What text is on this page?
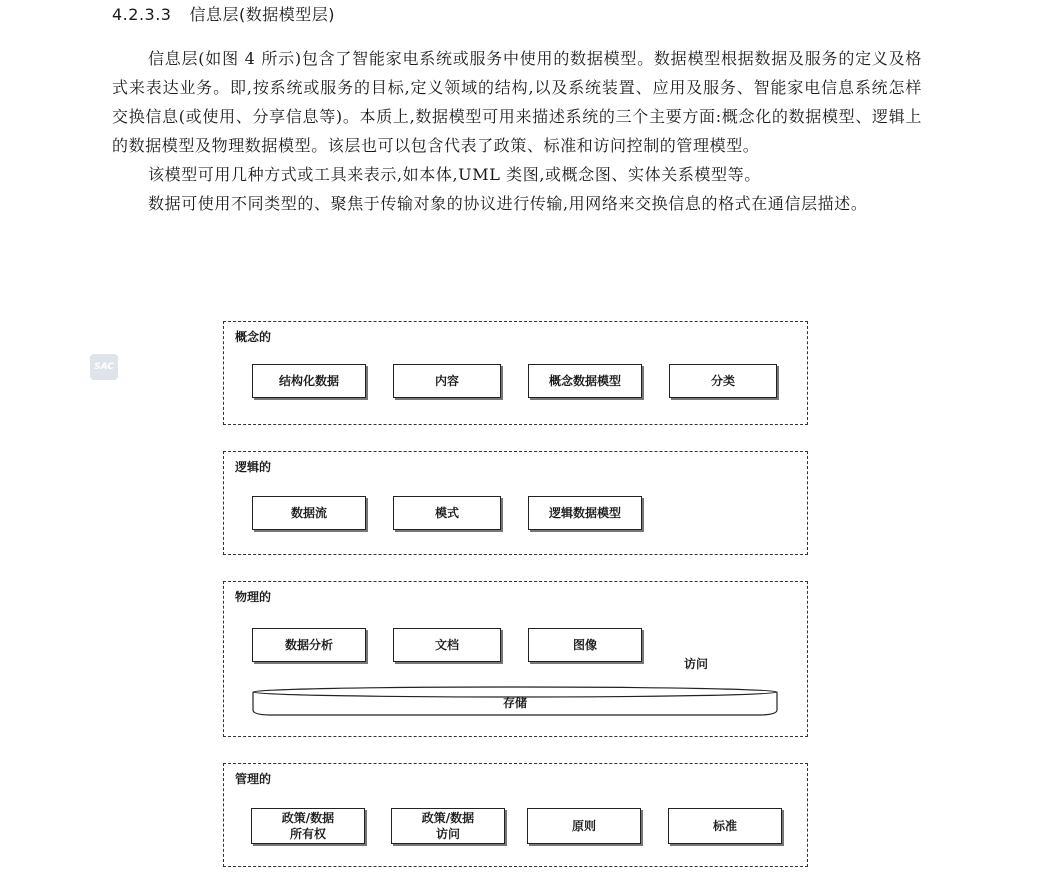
4.2.3.3 信息层(数据模型层)

信息层(如图 4 所示)包含了智能家电系统或服务中使用的数据模型。数据模型根据数据及服务的定义及格式来表达业务。即,按系统或服务的目标,定义领域的结构,以及系统装置、应用及服务、智能家电信息系统怎样交换信息(或使用、分享信息等)。本质上,数据模型可用来描述系统的三个主要方面:概念化的数据模型、逻辑上的数据模型及物理数据模型。该层也可以包含代表了政策、标准和访问控制的管理模型。

该模型可用几种方式或工具来表示,如本体,UML 类图,或概念图、实体关系模型等。

数据可使用不同类型的、聚焦于传输对象的协议进行传输,用网络来交换信息的格式在通信层描述。

SAC
概念的
结构化数据	内容	概念数据模型	分类
逻辑的
数据流	模式	逻辑数据模型
物理的
数据分析	文档	图像
访问
存储
管理的
政策/数据
所有权
政策/数据
访问
原则	标准
